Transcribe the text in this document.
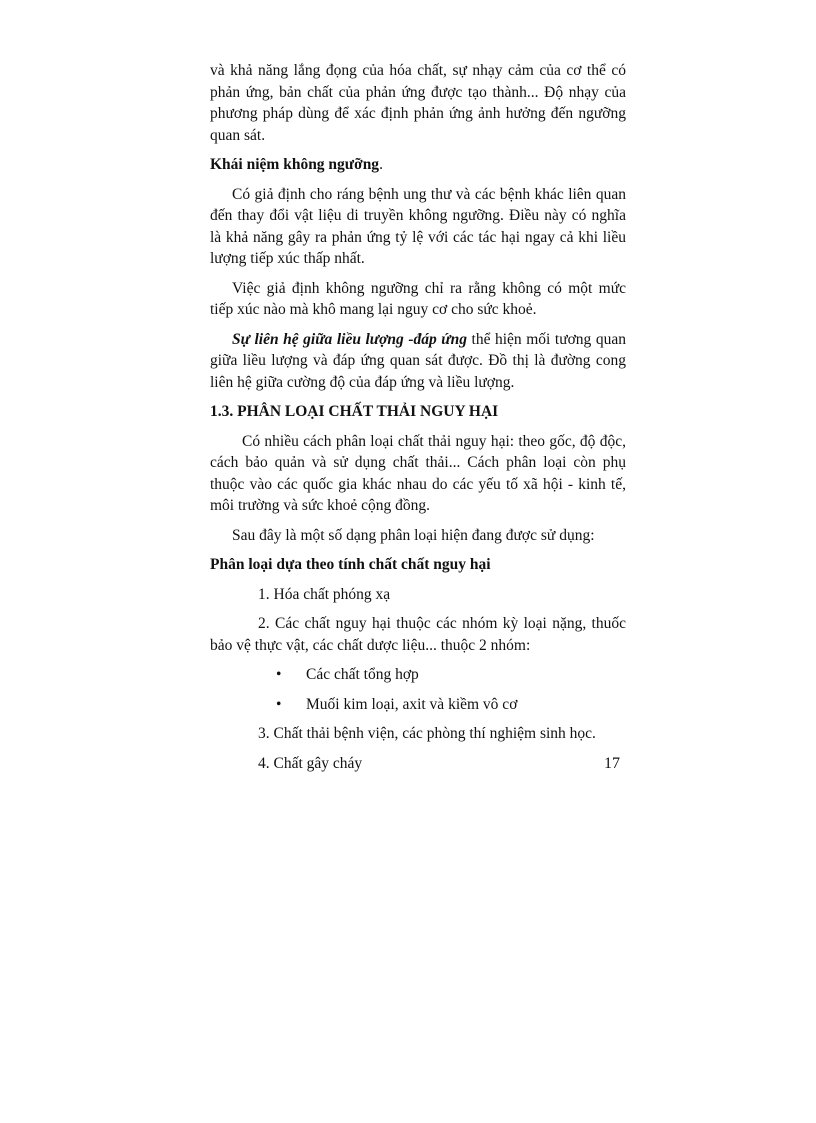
và khả năng lắng đọng của hóa chất, sự nhạy cảm của cơ thể có phản ứng, bản chất của phản ứng được tạo thành... Độ nhạy của phương pháp dùng để xác định phản ứng ảnh hưởng đến ngưỡng quan sát.

Khái niệm không ngưỡng.

Có giả định cho ráng bệnh ung thư và các bệnh khác liên quan đến thay đổi vật liệu di truyền không ngưỡng. Điều này có nghĩa là khả năng gây ra phản ứng tỷ lệ với các tác hại ngay cả khi liều lượng tiếp xúc thấp nhất.

Việc giả định không ngưỡng chỉ ra rằng không có một mức tiếp xúc nào mà khô mang lại nguy cơ cho sức khoẻ.

Sự liên hệ giữa liều lượng -đáp ứng thể hiện mối tương quan giữa liều lượng và đáp ứng quan sát được. Đồ thị là đường cong liên hệ giữa cường độ của đáp ứng và liều lượng.

1.3. PHÂN LOẠI CHẤT THẢI NGUY HẠI

Có nhiều cách phân loại chất thải nguy hại: theo gốc, độ độc, cách bảo quản và sử dụng chất thải... Cách phân loại còn phụ thuộc vào các quốc gia khác nhau do các yếu tố xã hội - kinh tế, môi trường và sức khoẻ cộng đồng.

Sau đây là một số dạng phân loại hiện đang được sử dụng:

Phân loại dựa theo tính chất chất nguy hại

1. Hóa chất phóng xạ

2. Các chất nguy hại thuộc các nhóm kỳ loại nặng, thuốc bảo vệ thực vật, các chất dược liệu... thuộc 2 nhóm:

• Các chất tổng hợp
• Muối kim loại, axit và kiềm vô cơ

3. Chất thải bệnh viện, các phòng thí nghiệm sinh học.

4. Chất gây cháy	17
